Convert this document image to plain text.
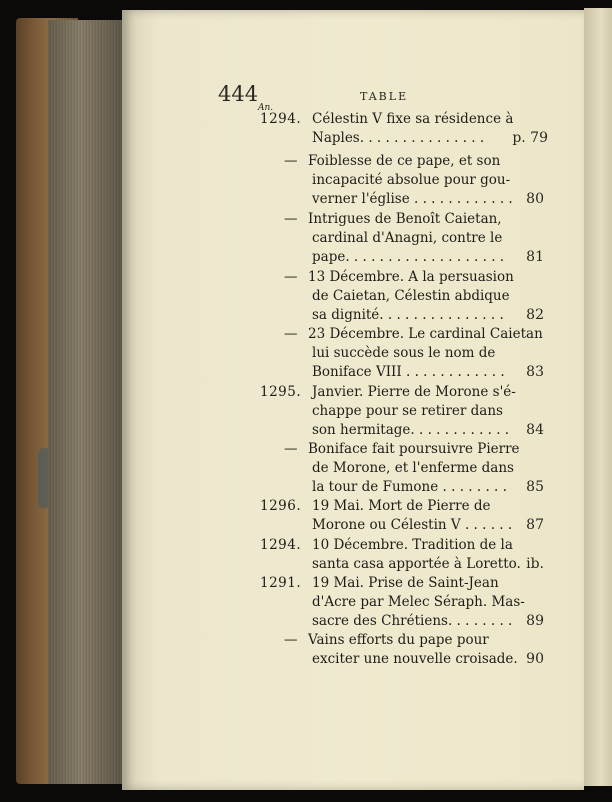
444	TABLE
An.
1294. Célestin V fixe sa résidence à
Naples. . . . . . . . . . . . . . .	p. 79
— Foiblesse de ce pape, et son
incapacité absolue pour gou-
verner l'église . . . . . . . . . . . . 80
— Intrigues de Benoît Caietan,
cardinal d'Anagni, contre le
pape. . . . . . . . . . . . . . . . . . .	81
— 13 Décembre. A la persuasion
de Caietan, Célestin abdique
sa dignité. . . . . . . . . . . . . . .	82
— 23 Décembre. Le cardinal Caietan
lui succède sous le nom de
Boniface VIII . . . . . . . . . . . .	83
1295. Janvier. Pierre de Morone s'é-
chappe pour se retirer dans
son hermitage. . . . . . . . . . . .	84
— Boniface fait poursuivre Pierre
de Morone, et l'enferme dans
la tour de Fumone . . . . . . . .	85
1296. 19 Mai. Mort de Pierre de
Morone ou Célestin V . . . . . .	87
1294. 10 Décembre. Tradition de la
santa casa apportée à Loretto. ib.
1291. 19 Mai. Prise de Saint-Jean
d'Acre par Melec Séraph. Mas-
sacre des Chrétiens. . . . . . . . 89
— Vains efforts du pape pour
exciter une nouvelle croisade. 90
